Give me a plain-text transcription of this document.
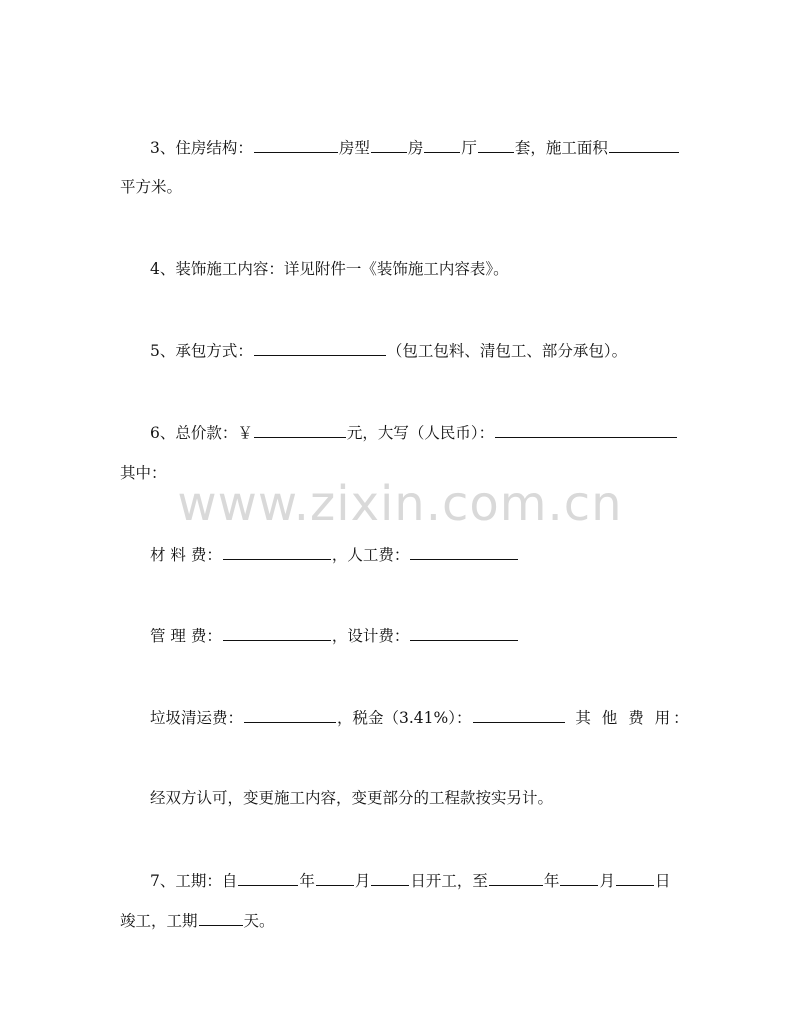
www.zixin.com.cn
3、住房结构：	房型 房 厅 套，施工面积
平方米。
4、装饰施工内容：详见附件一《装饰施工内容表》。
5、承包方式：	（包工包料、清包工、部分承包）。
6、总价款：￥	元，大写（人民币）：
其中：
材 料 费：	，人工费：
管 理 费：	，设计费：
垃圾清运费：	，税金（3.41%）：	其 他 费 用：
经双方认可，变更施工内容，变更部分的工程款按实另计。
7、工期：自	年	月	日开工，至	年	月	日
竣工，工期	天。
